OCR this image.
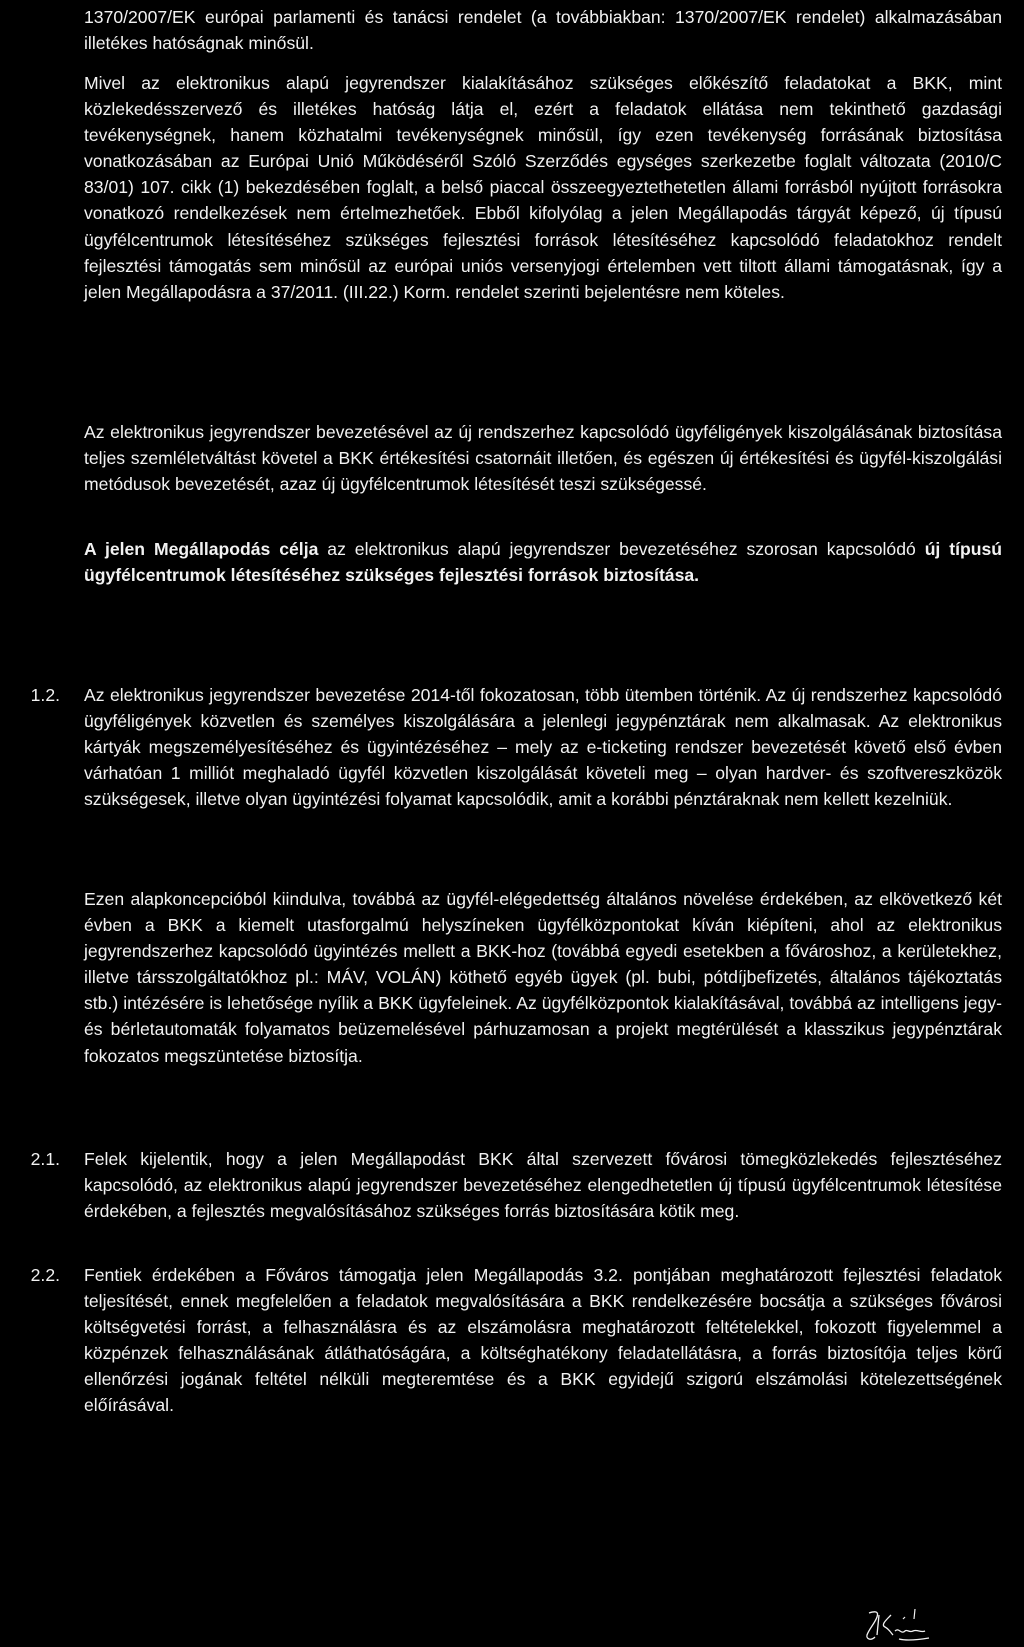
1370/2007/EK európai parlamenti és tanácsi rendelet (a továbbiakban: 1370/2007/EK rendelet) alkalmazásában illetékes hatóságnak minősül.

Mivel az elektronikus alapú jegyrendszer kialakításához szükséges előkészítő feladatokat a BKK, mint közlekedésszervező és illetékes hatóság látja el, ezért a feladatok ellátása nem tekinthető gazdasági tevékenységnek, hanem közhatalmi tevékenységnek minősül, így ezen tevékenység forrásának biztosítása vonatkozásában az Európai Unió Működéséről Szóló Szerződés egységes szerkezetbe foglalt változata (2010/C 83/01) 107. cikk (1) bekezdésében foglalt, a belső piaccal összeegyeztethetetlen állami forrásból nyújtott forrásokra vonatkozó rendelkezések nem értelmezhetőek. Ebből kifolyólag a jelen Megállapodás tárgyát képező, új típusú ügyfélcentrumok létesítéséhez szükséges fejlesztési források létesítéséhez kapcsolódó feladatokhoz rendelt fejlesztési támogatás sem minősül az európai uniós versenyjogi értelemben vett tiltott állami támogatásnak, így a jelen Megállapodásra a 37/2011. (III.22.) Korm. rendelet szerinti bejelentésre nem köteles.

Az elektronikus jegyrendszer bevezetésével az új rendszerhez kapcsolódó ügyféligények kiszolgálásának biztosítása teljes szemléletváltást követel a BKK értékesítési csatornáit illetően, és egészen új értékesítési és ügyfél-kiszolgálási metódusok bevezetését, azaz új ügyfélcentrumok létesítését teszi szükségessé.

A jelen Megállapodás célja az elektronikus alapú jegyrendszer bevezetéséhez szorosan kapcsolódó új típusú ügyfélcentrumok létesítéséhez szükséges fejlesztési források biztosítása.

1.2. Az elektronikus jegyrendszer bevezetése 2014-től fokozatosan, több ütemben történik. Az új rendszerhez kapcsolódó ügyféligények közvetlen és személyes kiszolgálására a jelenlegi jegypénztárak nem alkalmasak. Az elektronikus kártyák megszemélyesítéséhez és ügyintézéséhez – mely az e-ticketing rendszer bevezetését követő első évben várhatóan 1 milliót meghaladó ügyfél közvetlen kiszolgálását követeli meg – olyan hardver- és szoftvereszközök szükségesek, illetve olyan ügyintézési folyamat kapcsolódik, amit a korábbi pénztáraknak nem kellett kezelniük.

Ezen alapkoncepcióból kiindulva, továbbá az ügyfél-elégedettség általános növelése érdekében, az elkövetkező két évben a BKK a kiemelt utasforgalmú helyszíneken ügyfélközpontokat kíván kiépíteni, ahol az elektronikus jegyrendszerhez kapcsolódó ügyintézés mellett a BKK-hoz (továbbá egyedi esetekben a fővároshoz, a kerületekhez, illetve társszolgáltatókhoz pl.: MÁV, VOLÁN) köthető egyéb ügyek (pl. bubi, pótdíjbefizetés, általános tájékoztatás stb.) intézésére is lehetősége nyílik a BKK ügyfeleinek. Az ügyfélközpontok kialakításával, továbbá az intelligens jegy- és bérletautomaták folyamatos beüzemelésével párhuzamosan a projekt megtérülését a klasszikus jegypénztárak fokozatos megszüntetése biztosítja.

2.1. Felek kijelentik, hogy a jelen Megállapodást BKK által szervezett fővárosi tömegközlekedés fejlesztéséhez kapcsolódó, az elektronikus alapú jegyrendszer bevezetéséhez elengedhetetlen új típusú ügyfélcentrumok létesítése érdekében, a fejlesztés megvalósításához szükséges forrás biztosítására kötik meg.

2.2. Fentiek érdekében a Főváros támogatja jelen Megállapodás 3.2. pontjában meghatározott fejlesztési feladatok teljesítését, ennek megfelelően a feladatok megvalósítására a BKK rendelkezésére bocsátja a szükséges fővárosi költségvetési forrást, a felhasználásra és az elszámolásra meghatározott feltételekkel, fokozott figyelemmel a közpénzek felhasználásának átláthatóságára, a költséghatékony feladatellátásra, a forrás biztosítója teljes körű ellenőrzési jogának feltétel nélküli megteremtése és a BKK egyidejű szigorú elszámolási kötelezettségének előírásával.
